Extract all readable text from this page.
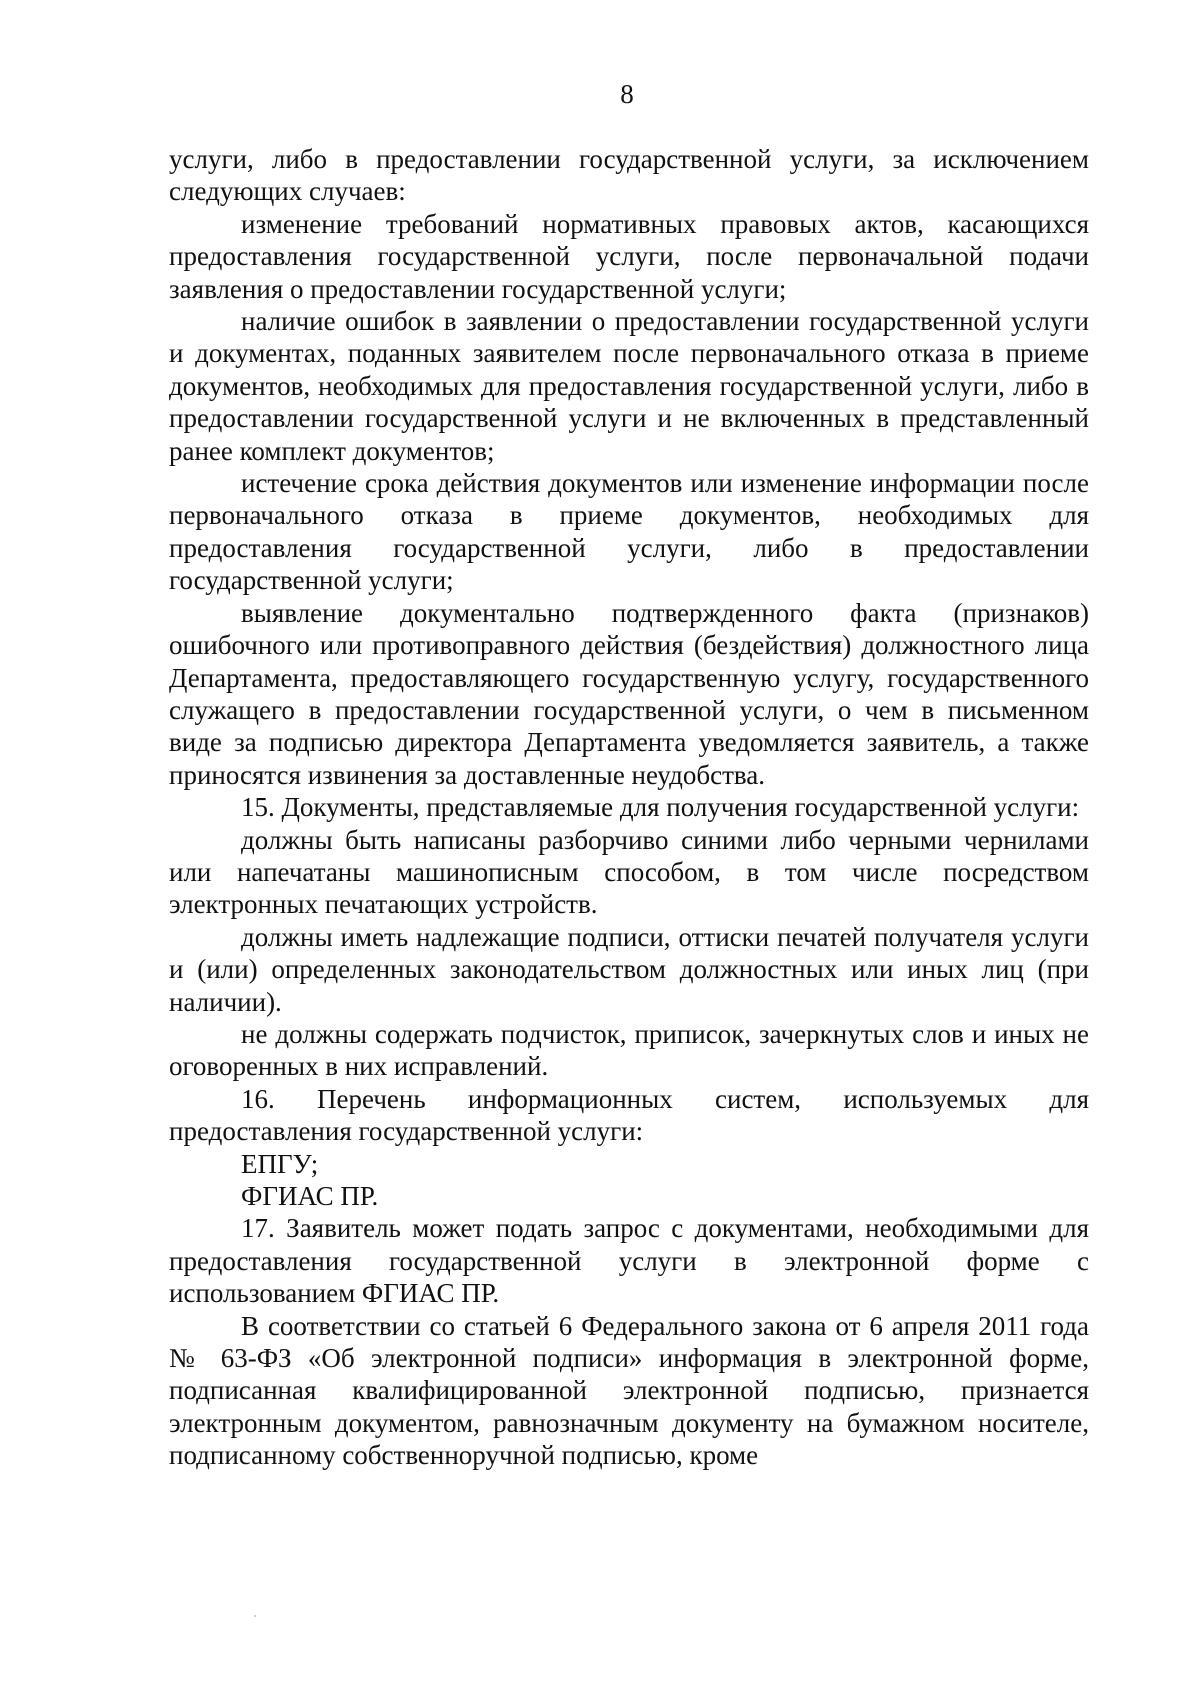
8

услуги, либо в предоставлении государственной услуги, за исключением следующих случаев:

изменение требований нормативных правовых актов, касающихся предоставления государственной услуги, после первоначальной подачи заявления о предоставлении государственной услуги;

наличие ошибок в заявлении о предоставлении государственной услуги и документах, поданных заявителем после первоначального отказа в приеме документов, необходимых для предоставления государственной услуги, либо в предоставлении государственной услуги и не включенных в представленный ранее комплект документов;

истечение срока действия документов или изменение информации после первоначального отказа в приеме документов, необходимых для предоставления государственной услуги, либо в предоставлении государственной услуги;

выявление документально подтвержденного факта (признаков) ошибочного или противоправного действия (бездействия) должностного лица Департамента, предоставляющего государственную услугу, государственного служащего в предоставлении государственной услуги, о чем в письменном виде за подписью директора Департамента уведомляется заявитель, а также приносятся извинения за доставленные неудобства.

15. Документы, представляемые для получения государственной услуги:

должны быть написаны разборчиво синими либо черными чернилами или напечатаны машинописным способом, в том числе посредством электронных печатающих устройств.

должны иметь надлежащие подписи, оттиски печатей получателя услуги и (или) определенных законодательством должностных или иных лиц (при наличии).

не должны содержать подчисток, приписок, зачеркнутых слов и иных не оговоренных в них исправлений.

16. Перечень информационных систем, используемых для предоставления государственной услуги:

ЕПГУ;

ФГИАС ПР.

17. Заявитель может подать запрос с документами, необходимыми для предоставления государственной услуги в электронной форме с использованием ФГИАС ПР.

В соответствии со статьей 6 Федерального закона от 6 апреля 2011 года № 63-ФЗ «Об электронной подписи» информация в электронной форме, подписанная квалифицированной электронной подписью, признается электронным документом, равнозначным документу на бумажном носителе, подписанному собственноручной подписью, кроме
